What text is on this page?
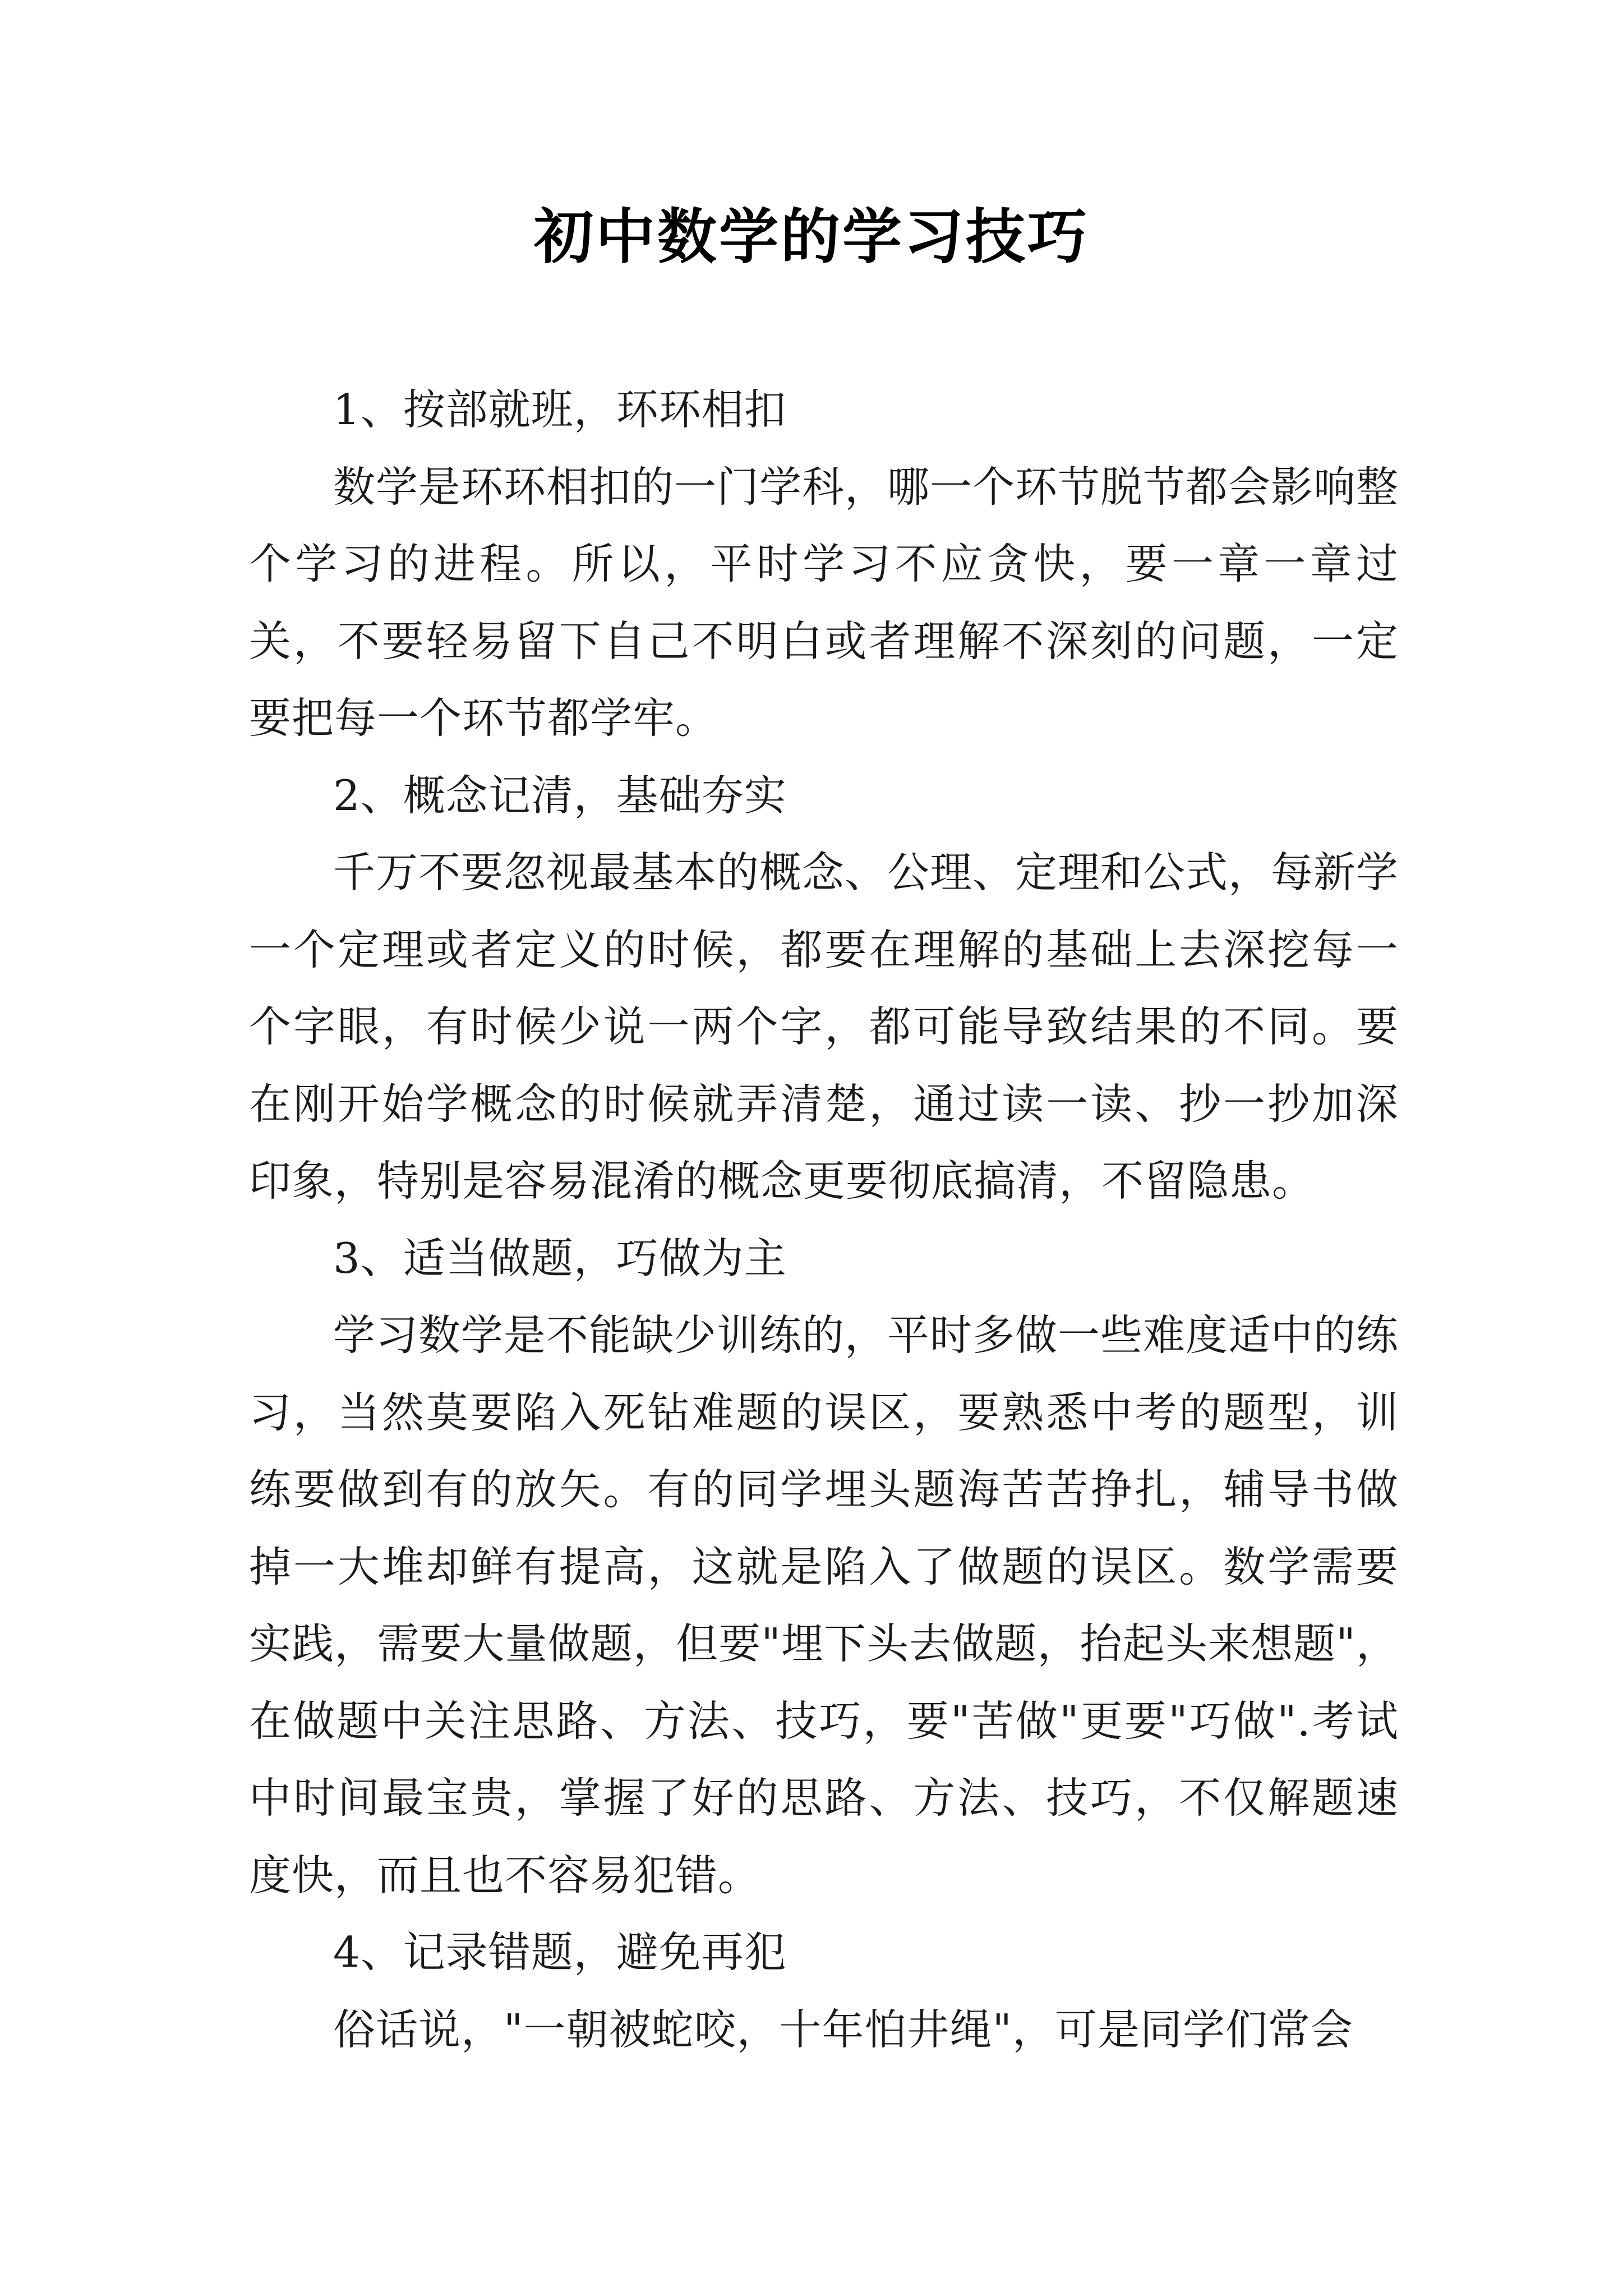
初中数学的学习技巧

1、按部就班，环环相扣

数学是环环相扣的一门学科，哪一个环节脱节都会影响整个学习的进程。所以，平时学习不应贪快，要一章一章过关，不要轻易留下自己不明白或者理解不深刻的问题，一定要把每一个环节都学牢。

2、概念记清，基础夯实

千万不要忽视最基本的概念、公理、定理和公式，每新学一个定理或者定义的时候，都要在理解的基础上去深挖每一个字眼，有时候少说一两个字，都可能导致结果的不同。要在刚开始学概念的时候就弄清楚，通过读一读、抄一抄加深印象，特别是容易混淆的概念更要彻底搞清，不留隐患。

3、适当做题，巧做为主

学习数学是不能缺少训练的，平时多做一些难度适中的练习，当然莫要陷入死钻难题的误区，要熟悉中考的题型，训练要做到有的放矢。有的同学埋头题海苦苦挣扎，辅导书做掉一大堆却鲜有提高，这就是陷入了做题的误区。数学需要实践，需要大量做题，但要"埋下头去做题，抬起头来想题"，在做题中关注思路、方法、技巧，要"苦做"更要"巧做".考试中时间最宝贵，掌握了好的思路、方法、技巧，不仅解题速度快，而且也不容易犯错。

4、记录错题，避免再犯

俗话说，"一朝被蛇咬，十年怕井绳"，可是同学们常会
